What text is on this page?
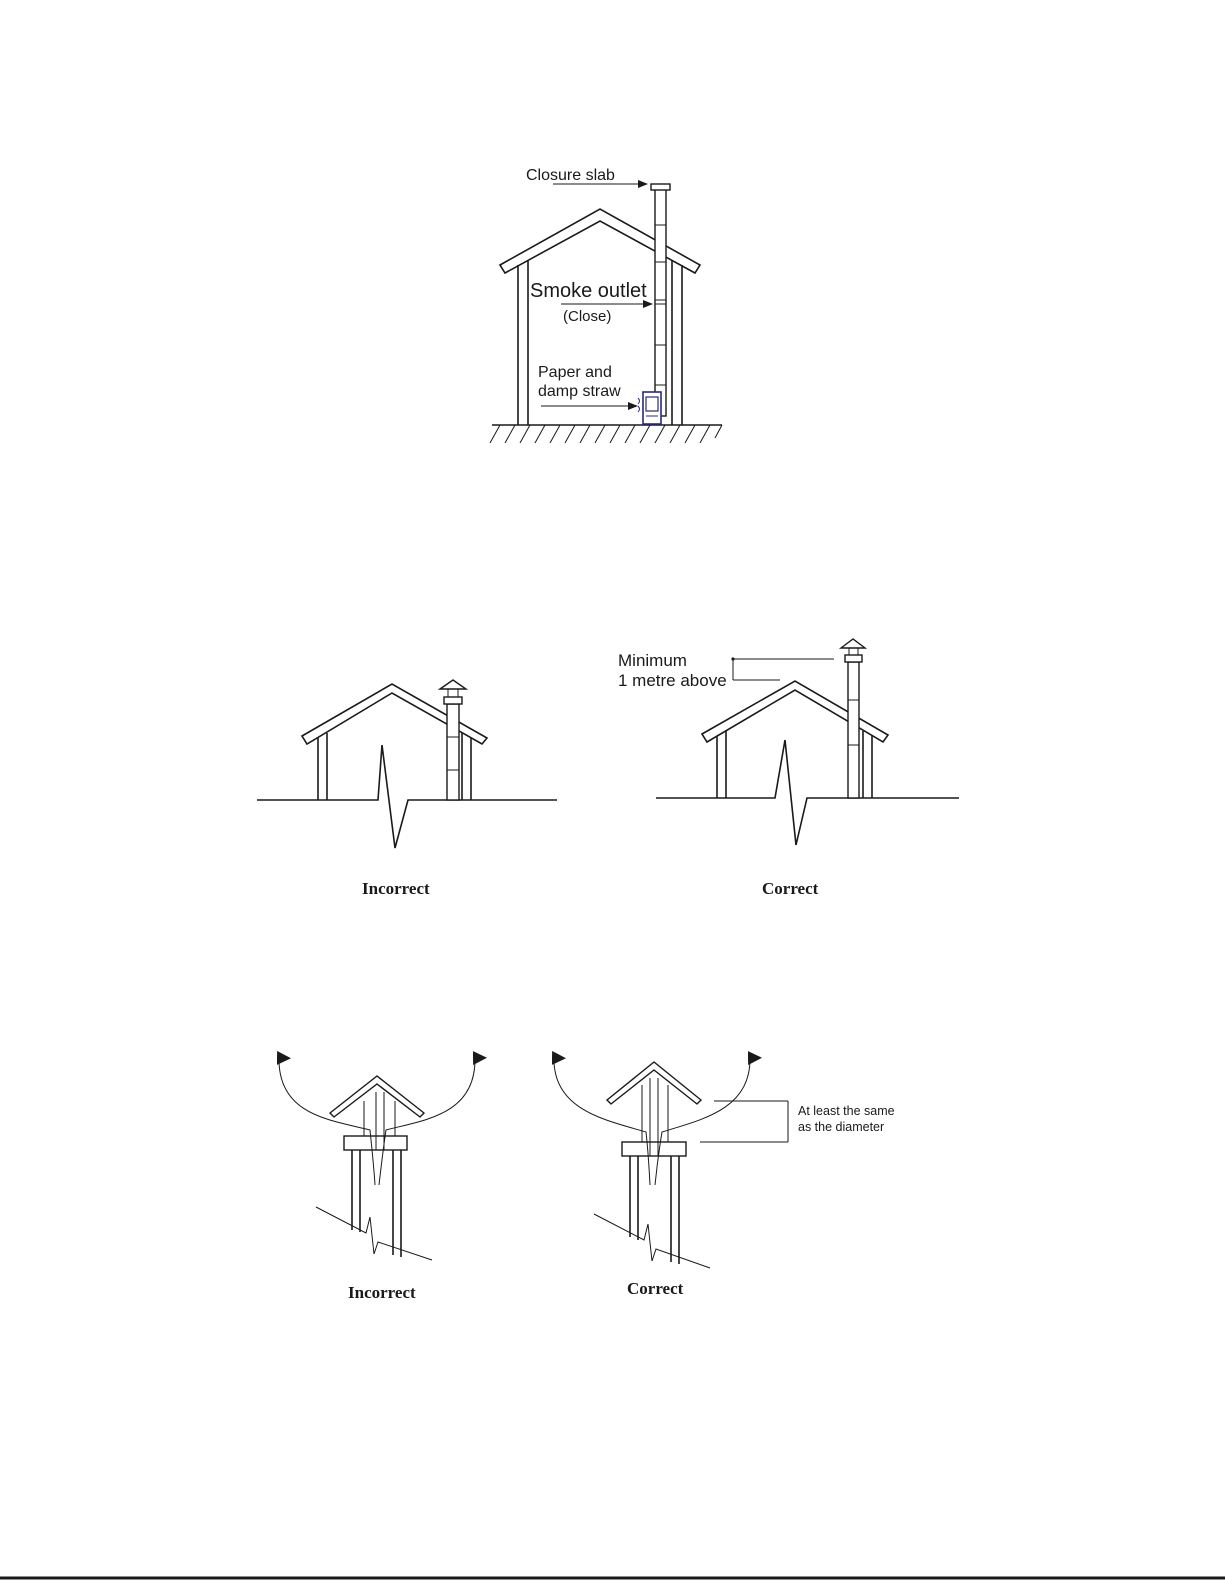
Closure slab
Smoke outlet
(Close)
Paper and
damp straw
Incorrect
Minimum
1 metre above
Correct
Incorrect
At least the same
as the diameter
Correct
